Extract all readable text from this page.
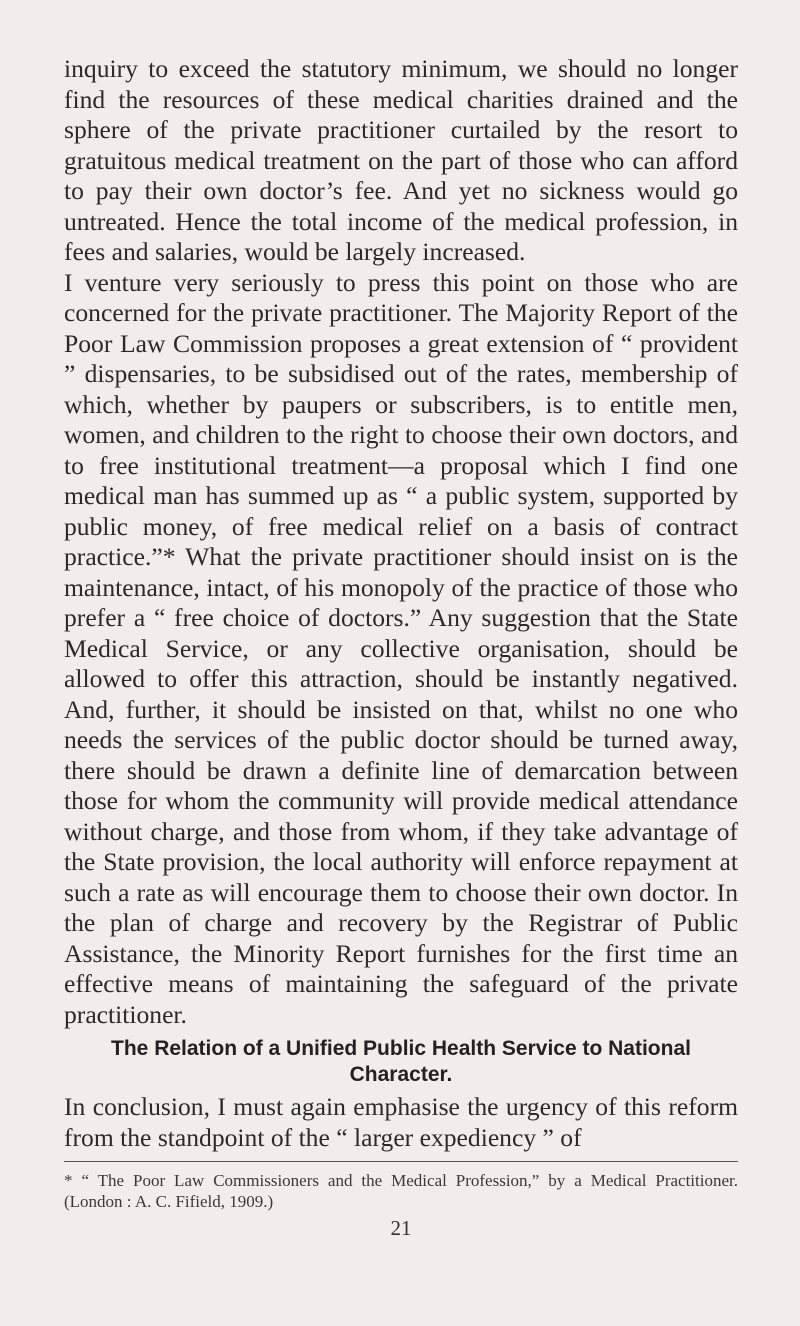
inquiry to exceed the statutory minimum, we should no longer find the resources of these medical charities drained and the sphere of the private practitioner curtailed by the resort to gratuitous medical treatment on the part of those who can afford to pay their own doctor’s fee. And yet no sickness would go untreated. Hence the total income of the medical profession, in fees and salaries, would be largely increased.

I venture very seriously to press this point on those who are concerned for the private practitioner. The Majority Report of the Poor Law Commission proposes a great extension of “ provident ” dispensaries, to be subsidised out of the rates, membership of which, whether by paupers or subscribers, is to entitle men, women, and children to the right to choose their own doctors, and to free institutional treatment—a proposal which I find one medical man has summed up as “ a public system, supported by public money, of free medical relief on a basis of contract practice.”* What the private practitioner should insist on is the maintenance, intact, of his monopoly of the practice of those who prefer a “ free choice of doctors.” Any suggestion that the State Medical Service, or any collective organisation, should be allowed to offer this attraction, should be instantly negatived. And, further, it should be insisted on that, whilst no one who needs the services of the public doctor should be turned away, there should be drawn a definite line of demarcation between those for whom the community will provide medical attendance without charge, and those from whom, if they take advantage of the State provision, the local authority will enforce repayment at such a rate as will encourage them to choose their own doctor. In the plan of charge and recovery by the Registrar of Public Assistance, the Minority Report furnishes for the first time an effective means of maintaining the safeguard of the private practitioner.

The Relation of a Unified Public Health Service to National Character.

In conclusion, I must again emphasise the urgency of this reform from the standpoint of the “ larger expediency ” of

* “ The Poor Law Commissioners and the Medical Profession,” by a Medical Practitioner. (London : A. C. Fifield, 1909.)

21
